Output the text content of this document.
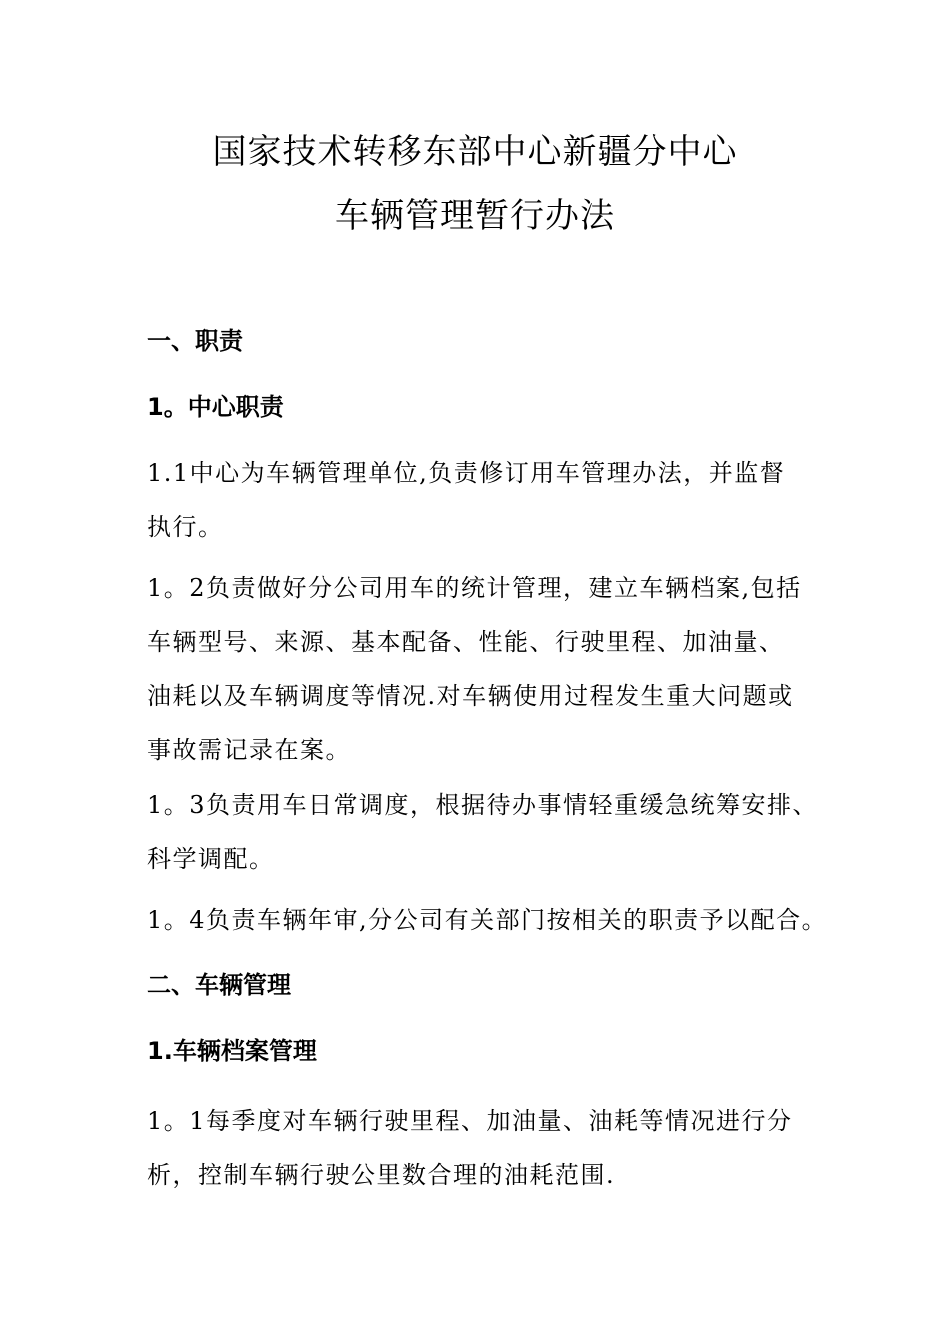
国家技术转移东部中心新疆分中心
车辆管理暂行办法
一、职责
1。中心职责
1.1中心为车辆管理单位,负责修订用车管理办法，并监督
执行。
1。2负责做好分公司用车的统计管理，建立车辆档案,包括
车辆型号、来源、基本配备、性能、行驶里程、加油量、
油耗以及车辆调度等情况.对车辆使用过程发生重大问题或
事故需记录在案。
1。3负责用车日常调度，根据待办事情轻重缓急统筹安排、
科学调配。
1。4负责车辆年审,分公司有关部门按相关的职责予以配合。
二、车辆管理
1.车辆档案管理
1。1每季度对车辆行驶里程、加油量、油耗等情况进行分
析，控制车辆行驶公里数合理的油耗范围.
